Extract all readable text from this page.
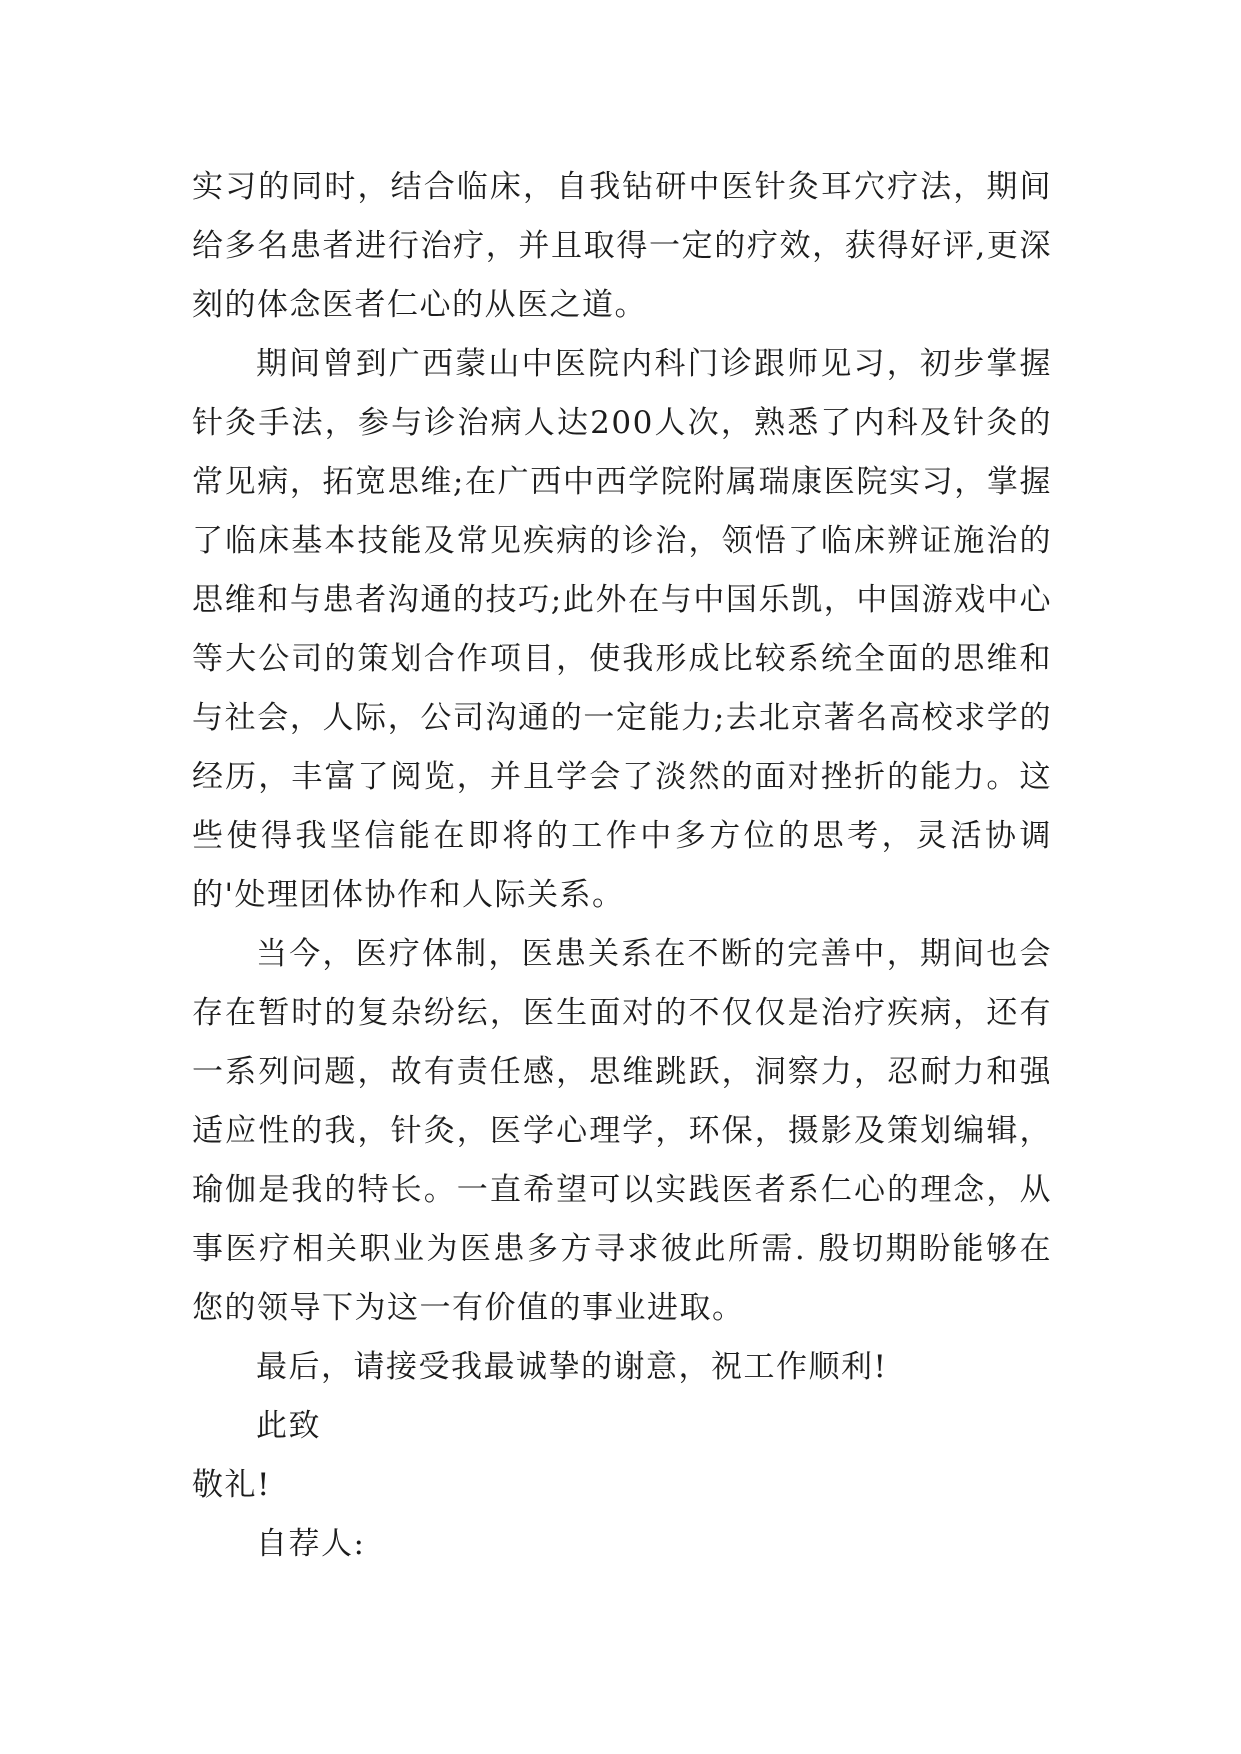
实习的同时，结合临床，自我钻研中医针灸耳穴疗法，期间给多名患者进行治疗，并且取得一定的疗效，获得好评,更深刻的体念医者仁心的从医之道。

期间曾到广西蒙山中医院内科门诊跟师见习，初步掌握针灸手法，参与诊治病人达200人次，熟悉了内科及针灸的常见病，拓宽思维;在广西中西学院附属瑞康医院实习，掌握了临床基本技能及常见疾病的诊治，领悟了临床辨证施治的思维和与患者沟通的技巧;此外在与中国乐凯，中国游戏中心等大公司的策划合作项目，使我形成比较系统全面的思维和与社会，人际，公司沟通的一定能力;去北京著名高校求学的经历，丰富了阅览，并且学会了淡然的面对挫折的能力。这些使得我坚信能在即将的工作中多方位的思考，灵活协调的'处理团体协作和人际关系。

当今，医疗体制，医患关系在不断的完善中，期间也会存在暂时的复杂纷纭，医生面对的不仅仅是治疗疾病，还有一系列问题，故有责任感，思维跳跃，洞察力，忍耐力和强适应性的我，针灸，医学心理学，环保，摄影及策划编辑，瑜伽是我的特长。一直希望可以实践医者系仁心的理念，从事医疗相关职业为医患多方寻求彼此所需. 殷切期盼能够在您的领导下为这一有价值的事业进取。

最后，请接受我最诚挚的谢意，祝工作顺利!

此致

敬礼!

自荐人:
